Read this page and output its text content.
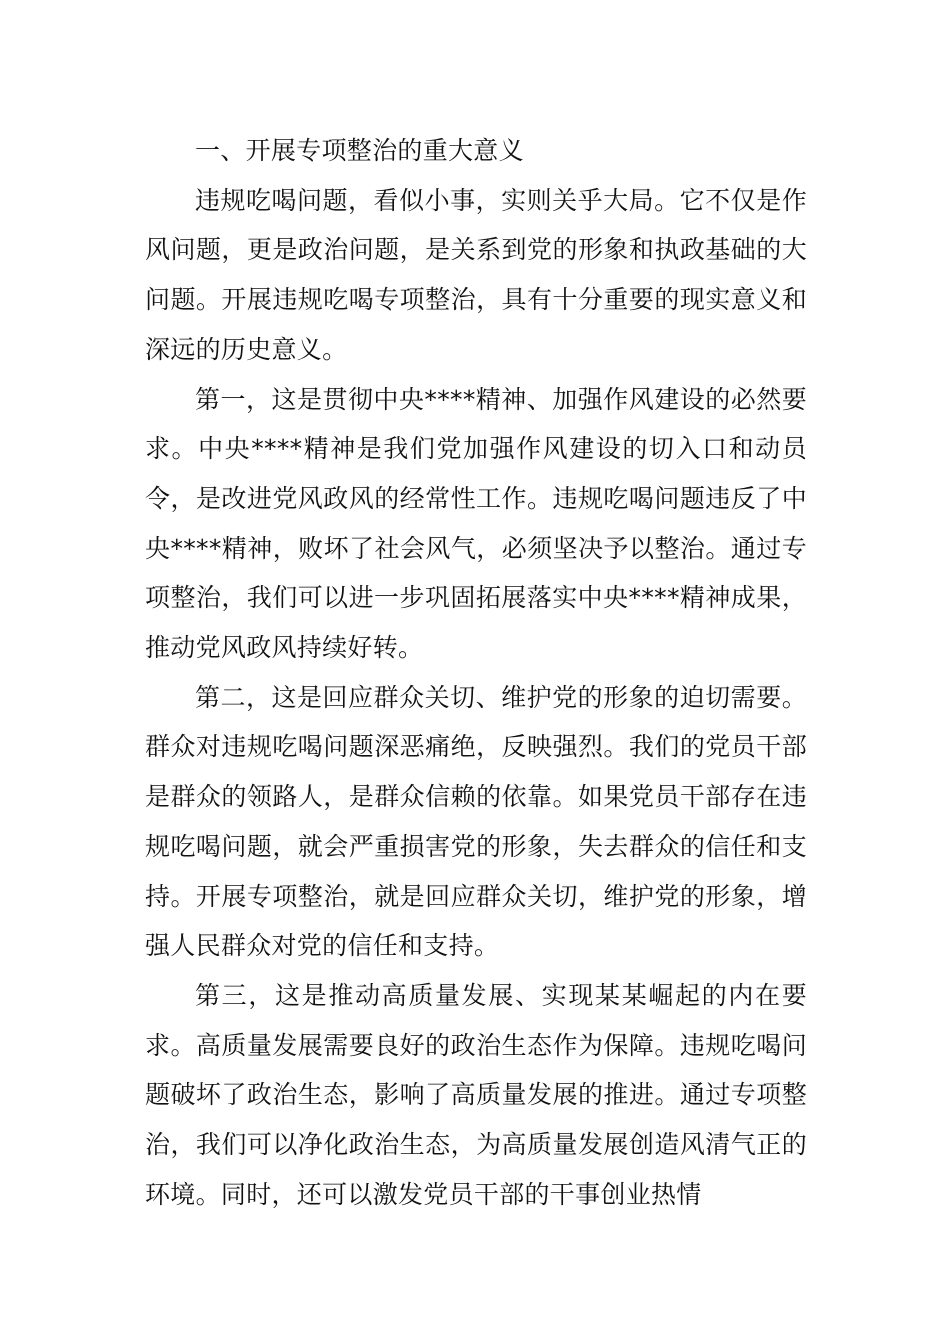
一、开展专项整治的重大意义

违规吃喝问题，看似小事，实则关乎大局。它不仅是作风问题，更是政治问题，是关系到党的形象和执政基础的大问题。开展违规吃喝专项整治，具有十分重要的现实意义和深远的历史意义。

第一，这是贯彻中央****精神、加强作风建设的必然要求。中央****精神是我们党加强作风建设的切入口和动员令，是改进党风政风的经常性工作。违规吃喝问题违反了中央****精神，败坏了社会风气，必须坚决予以整治。通过专项整治，我们可以进一步巩固拓展落实中央****精神成果，推动党风政风持续好转。

第二，这是回应群众关切、维护党的形象的迫切需要。群众对违规吃喝问题深恶痛绝，反映强烈。我们的党员干部是群众的领路人，是群众信赖的依靠。如果党员干部存在违规吃喝问题，就会严重损害党的形象，失去群众的信任和支持。开展专项整治，就是回应群众关切，维护党的形象，增强人民群众对党的信任和支持。

第三，这是推动高质量发展、实现某某崛起的内在要求。高质量发展需要良好的政治生态作为保障。违规吃喝问题破坏了政治生态，影响了高质量发展的推进。通过专项整治，我们可以净化政治生态，为高质量发展创造风清气正的环境。同时，还可以激发党员干部的干事创业热情
